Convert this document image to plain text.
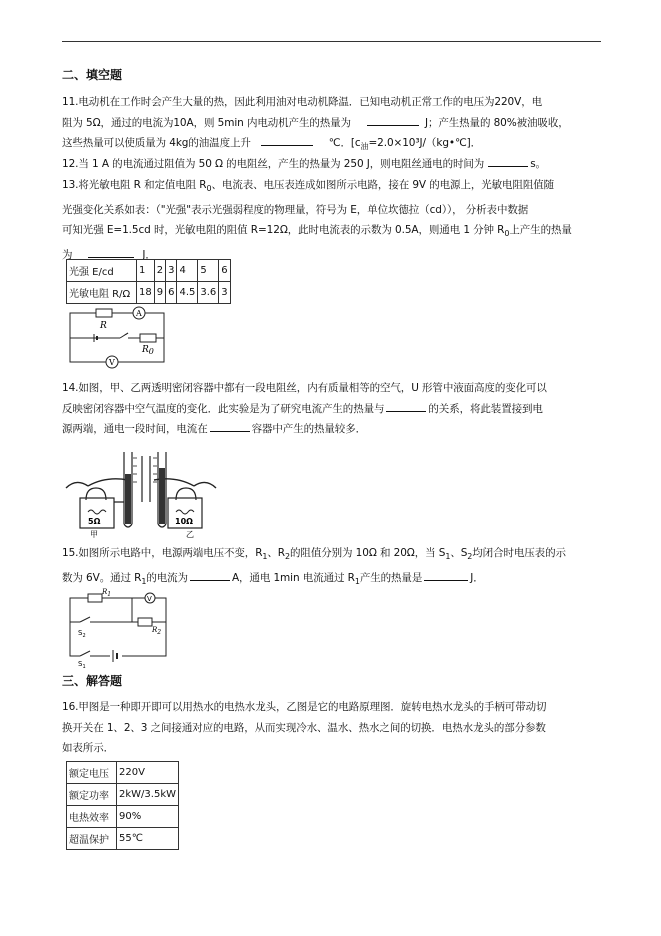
二、填空题
11.电动机在工作时会产生大量的热，因此利用油对电动机降温．已知电动机正常工作的电压为220V，电
阻为 5Ω，通过的电流为10A，则 5min 内电动机产生的热量为	J；产生热量的 80%被油吸收，
这些热量可以使质量为 4kg的油温度上升	℃．[$c_油=2.0\times 10^3J/(kg•℃]$．
12.当 1 A 的电流通过阻值为 50 Ω 的电阻丝，产生的热量为 250 J，则电阻丝通电的时间为	s。
13.将光敏电阻 R 和定值电阻 $R_0$、电流表、电压表连成如图所示电路，接在 9V 的电源上，光敏电阻阻值随
光强变化关系如表：（"光强"表示光强弱程度的物理量，符号为 E，单位坎德拉（cd））， 分析表中数据
可知光强 E=1.5cd 时，光敏电阻的阻值 R=12Ω，此时电流表的示数为 0.5A，则通电 1 分钟 $R_0$上产生的热量
为	J．
光强 E/cd	1	2	3	4	5	6
光敏电阻 R/Ω	18	9	6	4.5	3.6	3
A
R
R0
V
14.如图，甲、乙两透明密闭容器中都有一段电阻丝，内有质量相等的空气，U 形管中液面高度的变化可以
反映密闭容器中空气温度的变化．此实验是为了研究电流产生的热量与	的关系，将此装置接到电
源两端，通电一段时间，电流在	容器中产生的热量较多．
5Ω	10Ω
甲	乙
15.如图所示电路中，电源两端电压不变，$R_1$、$R_2$的阻值分别为 10Ω 和 20Ω，当 $S_1$、$S_2$均闭合时电压表的示
数为 6V。通过 $R_1$的电流为	A，通电 1min 电流通过 $R_1$产生的热量是	J．
R1
V
$S_2$
R2
$S_1$
三、解答题
16.甲图是一种即开即可以用热水的电热水龙头，乙图是它的电路原理图．旋转电热水龙头的手柄可带动切
换开关在 1、2、3 之间接通对应的电路，从而实现冷水、温水、热水之间的切换．电热水龙头的部分参数
如表所示．
额定电压	220V
额定功率	2kW/3.5kW
电热效率	90%
超温保护	55℃
